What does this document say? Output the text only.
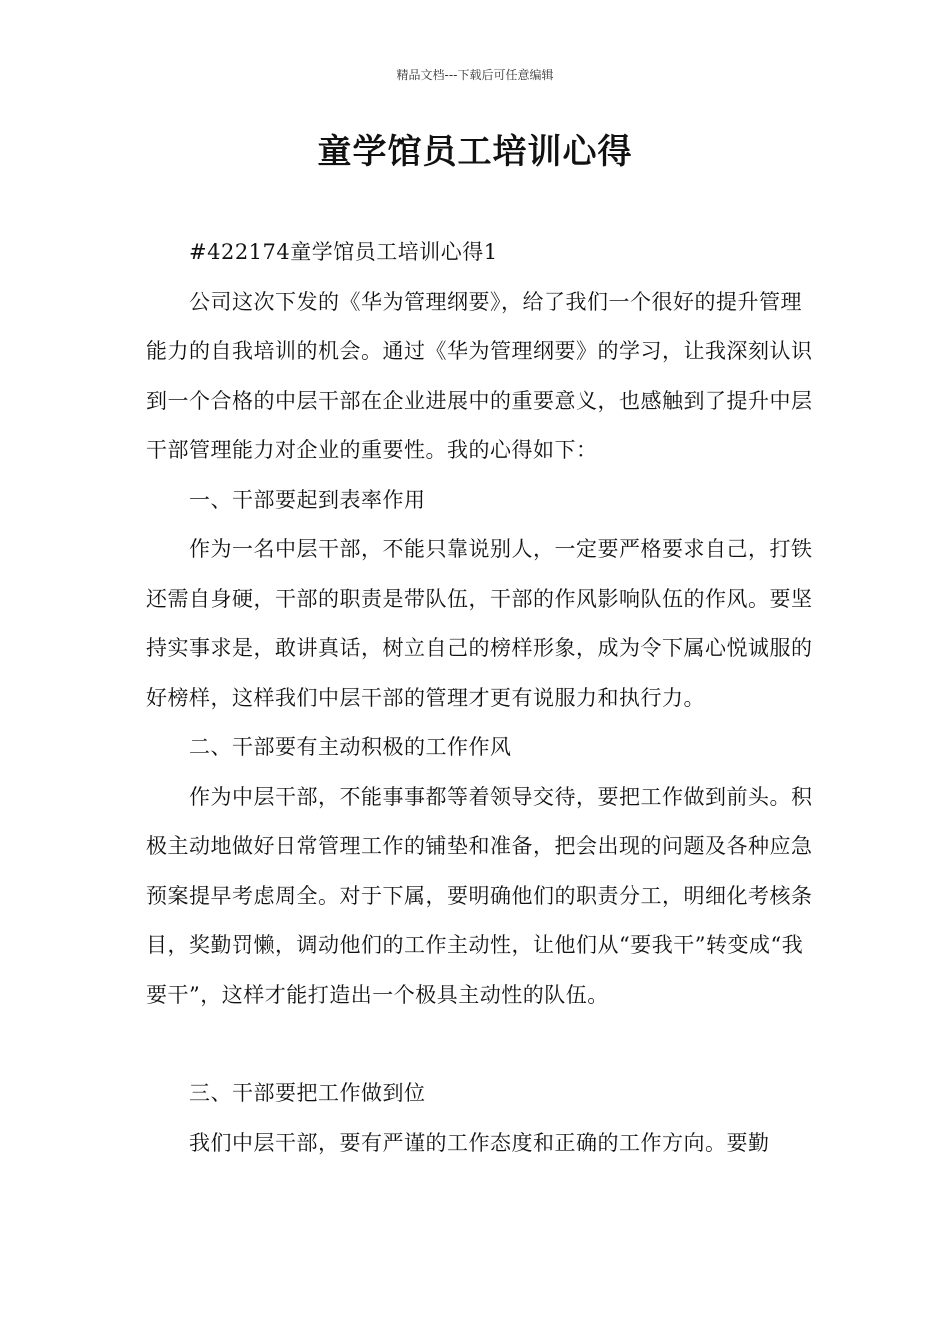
精品文档---下载后可任意编辑
童学馆员工培训心得

#422174童学馆员工培训心得1

公司这次下发的《华为管理纲要》，给了我们一个很好的提升管理能力的自我培训的机会。通过《华为管理纲要》的学习，让我深刻认识到一个合格的中层干部在企业进展中的重要意义，也感触到了提升中层干部管理能力对企业的重要性。我的心得如下：

一、干部要起到表率作用

作为一名中层干部，不能只靠说别人，一定要严格要求自己，打铁还需自身硬，干部的职责是带队伍，干部的作风影响队伍的作风。要坚持实事求是，敢讲真话，树立自己的榜样形象，成为令下属心悦诚服的好榜样，这样我们中层干部的管理才更有说服力和执行力。

二、干部要有主动积极的工作作风

作为中层干部，不能事事都等着领导交待，要把工作做到前头。积极主动地做好日常管理工作的铺垫和准备，把会出现的问题及各种应急预案提早考虑周全。对于下属，要明确他们的职责分工，明细化考核条目，奖勤罚懒，调动他们的工作主动性，让他们从“要我干”转变成“我要干”，这样才能打造出一个极具主动性的队伍。

三、干部要把工作做到位

我们中层干部，要有严谨的工作态度和正确的工作方向。要勤
